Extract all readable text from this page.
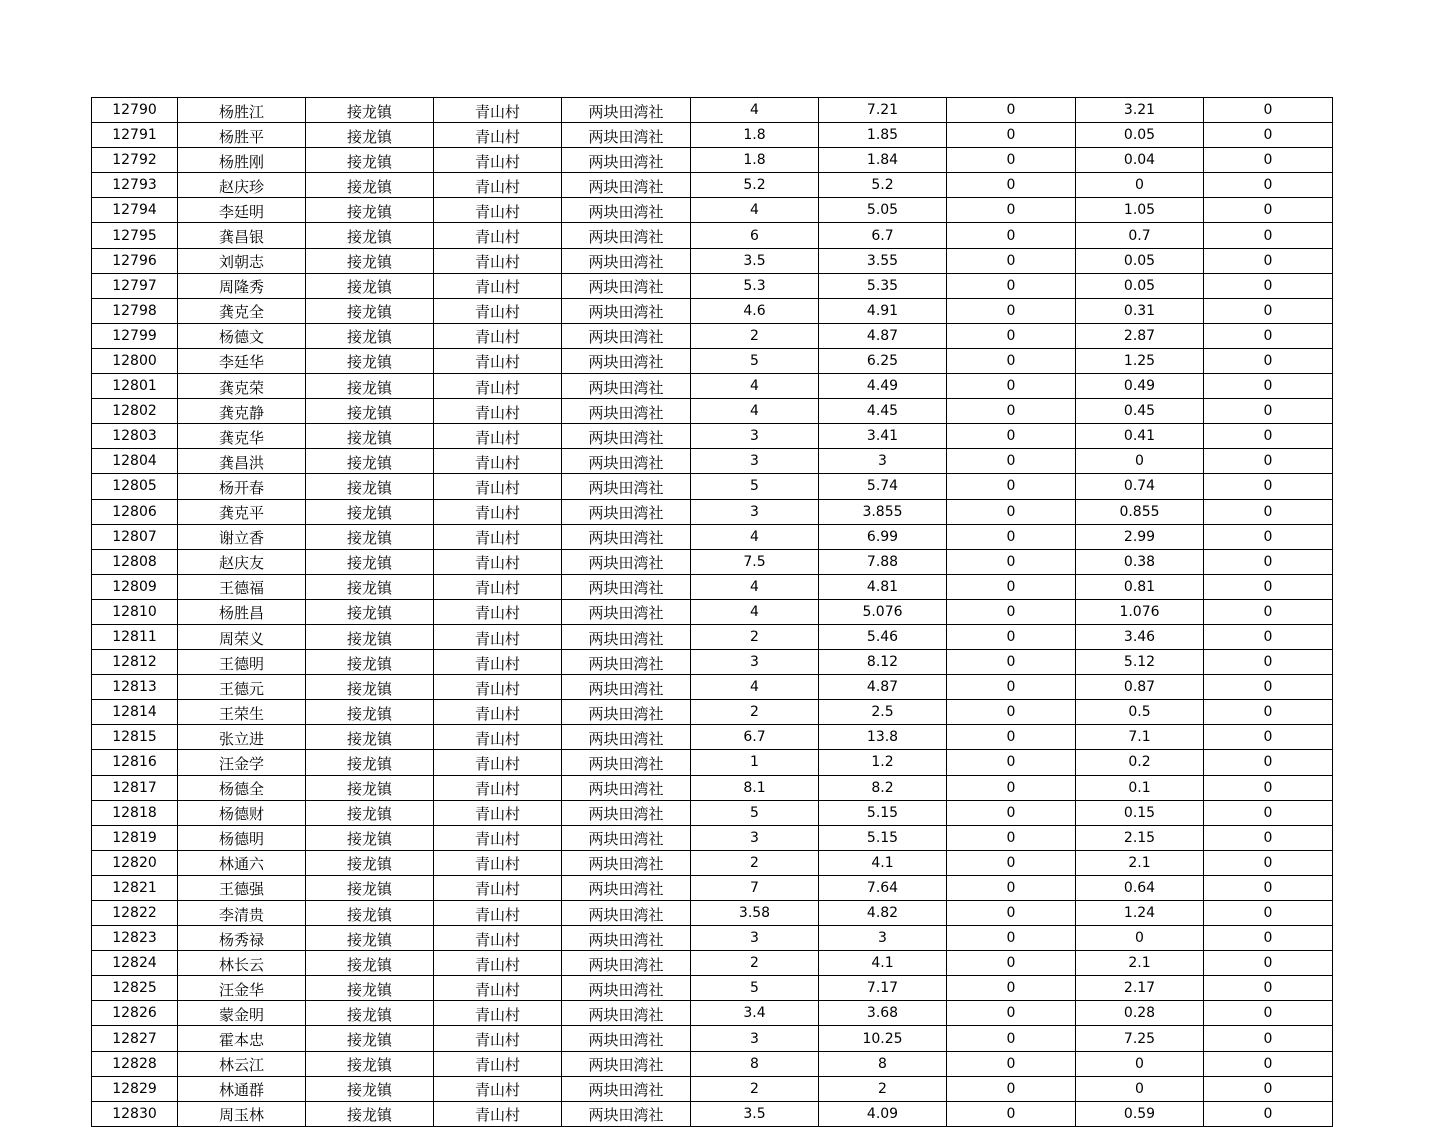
12790	杨胜江	接龙镇	青山村	两块田湾社	4	7.21	0	3.21	0
12791	杨胜平	接龙镇	青山村	两块田湾社	1.8	1.85	0	0.05	0
12792	杨胜刚	接龙镇	青山村	两块田湾社	1.8	1.84	0	0.04	0
12793	赵庆珍	接龙镇	青山村	两块田湾社	5.2	5.2	0	0	0
12794	李廷明	接龙镇	青山村	两块田湾社	4	5.05	0	1.05	0
12795	龚昌银	接龙镇	青山村	两块田湾社	6	6.7	0	0.7	0
12796	刘朝志	接龙镇	青山村	两块田湾社	3.5	3.55	0	0.05	0
12797	周隆秀	接龙镇	青山村	两块田湾社	5.3	5.35	0	0.05	0
12798	龚克全	接龙镇	青山村	两块田湾社	4.6	4.91	0	0.31	0
12799	杨德文	接龙镇	青山村	两块田湾社	2	4.87	0	2.87	0
12800	李廷华	接龙镇	青山村	两块田湾社	5	6.25	0	1.25	0
12801	龚克荣	接龙镇	青山村	两块田湾社	4	4.49	0	0.49	0
12802	龚克静	接龙镇	青山村	两块田湾社	4	4.45	0	0.45	0
12803	龚克华	接龙镇	青山村	两块田湾社	3	3.41	0	0.41	0
12804	龚昌洪	接龙镇	青山村	两块田湾社	3	3	0	0	0
12805	杨开春	接龙镇	青山村	两块田湾社	5	5.74	0	0.74	0
12806	龚克平	接龙镇	青山村	两块田湾社	3	3.855	0	0.855	0
12807	谢立香	接龙镇	青山村	两块田湾社	4	6.99	0	2.99	0
12808	赵庆友	接龙镇	青山村	两块田湾社	7.5	7.88	0	0.38	0
12809	王德福	接龙镇	青山村	两块田湾社	4	4.81	0	0.81	0
12810	杨胜昌	接龙镇	青山村	两块田湾社	4	5.076	0	1.076	0
12811	周荣义	接龙镇	青山村	两块田湾社	2	5.46	0	3.46	0
12812	王德明	接龙镇	青山村	两块田湾社	3	8.12	0	5.12	0
12813	王德元	接龙镇	青山村	两块田湾社	4	4.87	0	0.87	0
12814	王荣生	接龙镇	青山村	两块田湾社	2	2.5	0	0.5	0
12815	张立进	接龙镇	青山村	两块田湾社	6.7	13.8	0	7.1	0
12816	汪金学	接龙镇	青山村	两块田湾社	1	1.2	0	0.2	0
12817	杨德全	接龙镇	青山村	两块田湾社	8.1	8.2	0	0.1	0
12818	杨德财	接龙镇	青山村	两块田湾社	5	5.15	0	0.15	0
12819	杨德明	接龙镇	青山村	两块田湾社	3	5.15	0	2.15	0
12820	林通六	接龙镇	青山村	两块田湾社	2	4.1	0	2.1	0
12821	王德强	接龙镇	青山村	两块田湾社	7	7.64	0	0.64	0
12822	李清贵	接龙镇	青山村	两块田湾社	3.58	4.82	0	1.24	0
12823	杨秀禄	接龙镇	青山村	两块田湾社	3	3	0	0	0
12824	林长云	接龙镇	青山村	两块田湾社	2	4.1	0	2.1	0
12825	汪金华	接龙镇	青山村	两块田湾社	5	7.17	0	2.17	0
12826	蒙金明	接龙镇	青山村	两块田湾社	3.4	3.68	0	0.28	0
12827	霍本忠	接龙镇	青山村	两块田湾社	3	10.25	0	7.25	0
12828	林云江	接龙镇	青山村	两块田湾社	8	8	0	0	0
12829	林通群	接龙镇	青山村	两块田湾社	2	2	0	0	0
12830	周玉林	接龙镇	青山村	两块田湾社	3.5	4.09	0	0.59	0
